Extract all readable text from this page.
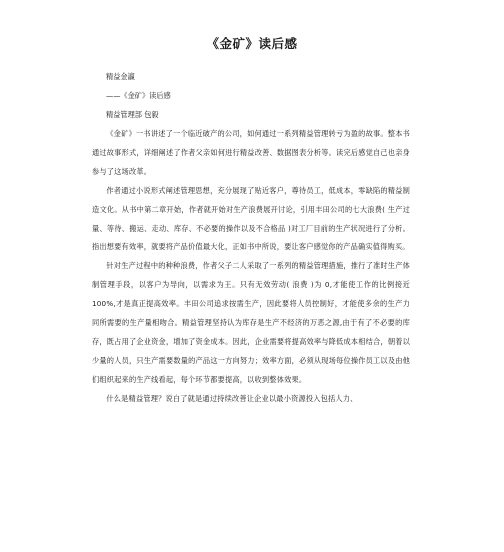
《金矿》读后感
精益金瀛
——《金矿》读后感
精益管理部 包毅

《金矿》一书讲述了一个临近破产的公司，如何通过一系列精益管理转亏为盈的故事。整本书通过故事形式，详细阐述了作者父亲如何进行精益改善、数据图表分析等。读完后感觉自己也亲身参与了这场改革。

作者通过小说形式阐述管理思想，充分展现了贴近客户，尊待员工，低成本，零缺陷的精益制造文化。从书中第二章开始，作者就开始对生产浪费展开讨论，引用丰田公司的七大浪费( 生产过量、等待、搬运、走动、库存、不必要的操作以及不合格品 )对工厂目前的生产状况进行了分析。指出想要有效率，就要将产品价值最大化，正如书中所说，要让客户感觉你的产品确实值得购买。

针对生产过程中的种种浪费，作者父子二人采取了一系列的精益管理措施，推行了准时生产体制管理手段，以客户为导向，以需求为王。只有无效劳动( 浪费 )为 0,才能使工作的比例接近 100%,才是真正提高效率。丰田公司追求按需生产，因此要将人员控制好，才能使多余的生产力同所需要的生产量相吻合。精益管理坚持认为库存是生产不经济的万恶之源,由于有了不必要的库存，既占用了企业资金，增加了资金成本。因此，企业需要将提高效率与降低成本相结合，朝着以少量的人员，只生产需要数量的产品这一方向努力；效率方面，必须从现场每位操作员工以及由他们组织起来的生产线看起，每个环节都要提高，以收到整体效果。

什么是精益管理？说白了就是通过持续改善让企业以最小资源投入包括人力、
